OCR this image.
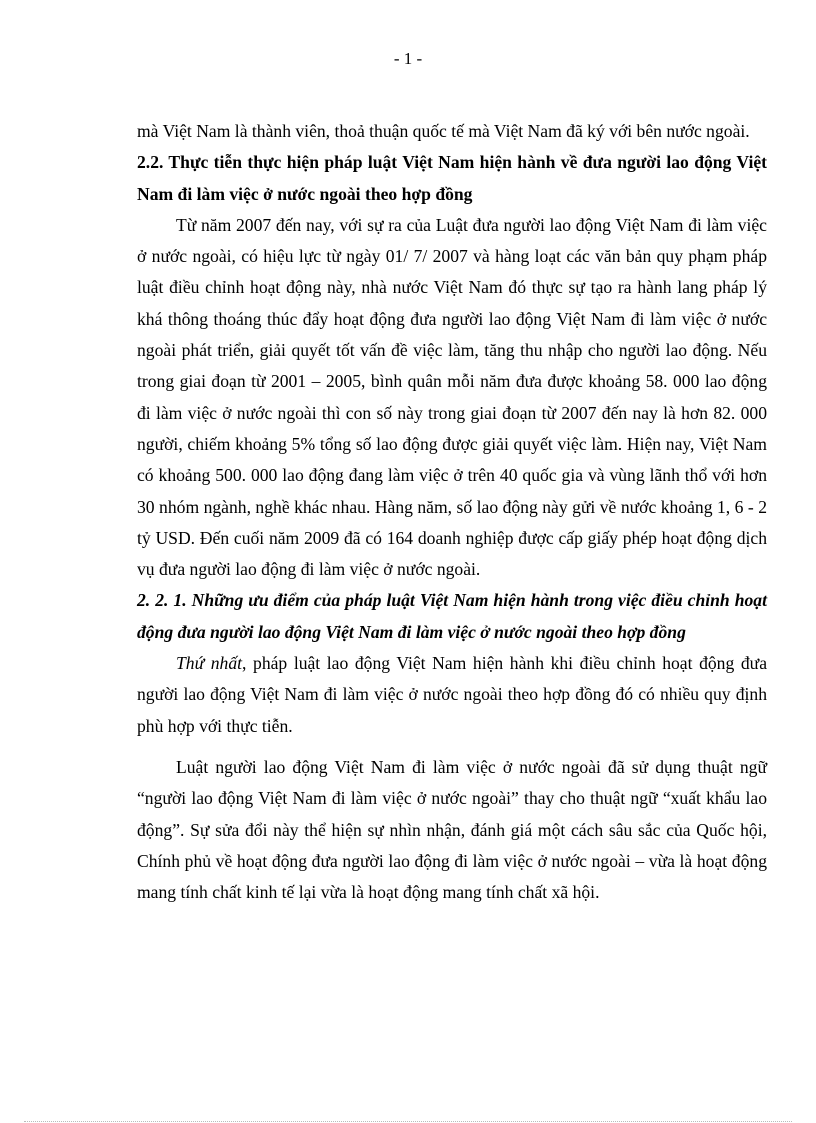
- 1 -

mà Việt Nam là thành viên, thoả thuận quốc tế mà Việt Nam đã ký với bên nước ngoài.

2.2. Thực tiễn thực hiện pháp luật Việt Nam hiện hành về đưa người lao động Việt Nam đi làm việc ở nước ngoài theo hợp đồng

Từ năm 2007 đến nay, với sự ra của Luật đưa người lao động Việt Nam đi làm việc ở nước ngoài, có hiệu lực từ ngày 01/ 7/ 2007 và hàng loạt các văn bản quy phạm pháp luật điều chỉnh hoạt động này, nhà nước Việt Nam đó thực sự tạo ra hành lang pháp lý khá thông thoáng thúc đẩy hoạt động đưa người lao động Việt Nam đi làm việc ở nước ngoài phát triển, giải quyết tốt vấn đề việc làm, tăng thu nhập cho người lao động. Nếu trong giai đoạn từ 2001 – 2005, bình quân mỗi năm đưa được khoảng 58. 000 lao động đi làm việc ở nước ngoài thì con số này trong giai đoạn từ 2007 đến nay là hơn 82. 000 người, chiếm khoảng 5% tổng số lao động được giải quyết việc làm. Hiện nay, Việt Nam có khoảng 500. 000 lao động đang làm việc ở trên 40 quốc gia và vùng lãnh thổ với hơn 30 nhóm ngành, nghề khác nhau. Hàng năm, số lao động này gửi về nước khoảng 1, 6 - 2 tỷ USD. Đến cuối năm 2009 đã có 164 doanh nghiệp được cấp giấy phép hoạt động dịch vụ đưa người lao động đi làm việc ở nước ngoài.

2. 2. 1. Những ưu điểm của pháp luật Việt Nam hiện hành trong việc điều chỉnh hoạt động đưa người lao động Việt Nam đi làm việc ở nước ngoài theo hợp đồng

Thứ nhất, pháp luật lao động Việt Nam hiện hành khi điều chỉnh hoạt động đưa người lao động Việt Nam đi làm việc ở nước ngoài theo hợp đồng đó có nhiều quy định phù hợp với thực tiễn.

Luật người lao động Việt Nam đi làm việc ở nước ngoài đã sử dụng thuật ngữ “người lao động Việt Nam đi làm việc ở nước ngoài” thay cho thuật ngữ “xuất khẩu lao động”. Sự sửa đổi này thể hiện sự nhìn nhận, đánh giá một cách sâu sắc của Quốc hội, Chính phủ về hoạt động đưa người lao động đi làm việc ở nước ngoài – vừa là hoạt động mang tính chất kinh tế lại vừa là hoạt động mang tính chất xã hội.
